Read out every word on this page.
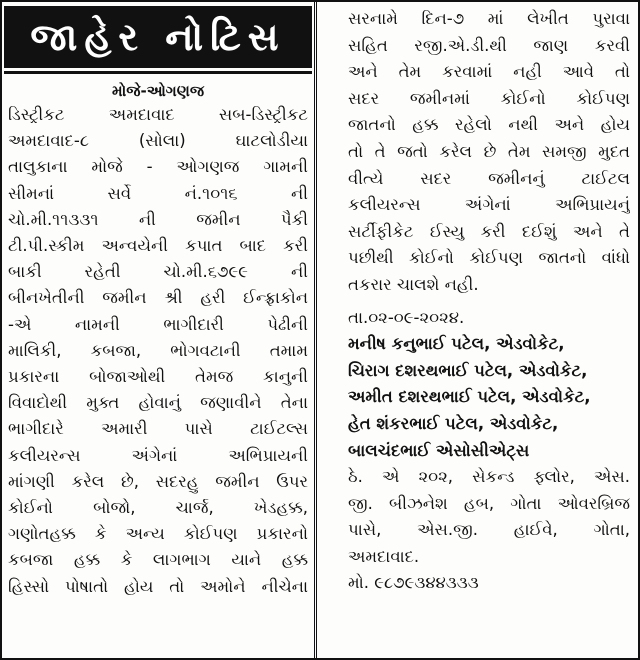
જાહેર નોટિસ
મોજે-ઓગણજ
ડિસ્ટ્રીકટ અમદાવાદ સબ-ડિસ્ટ્રીકટ
અમદાવાદ-૮ (સોલા) ઘાટલોડીયા
તાલુકાના મોજે - ઓગણજ ગામની
સીમનાં સર્વે નં.૧૦૧૬ ની
ચો.મી.૧૧૩૩૧ ની જમીન પૈકી
ટી.પી.સ્કીમ અન્વયેની કપાત બાદ કરી
બાકી રહેતી ચો.મી.૬૭૯૯ ની
બીનખેતીની જમીન શ્રી હરી ઈન્ફ્રાકોન
-એ નામની ભાગીદારી પેઢીની
માલિકી, કબજા, ભોગવટાની તમામ
પ્રકારના બોજાઓથી તેમજ કાનુની
વિવાદોથી મુક્ત હોવાનું જણાવીને તેના
ભાગીદારે અમારી પાસે ટાઈટલ્સ
કલીયરન્સ અંગેનાં અભિપ્રાયની
માંગણી કરેલ છે, સદરહુ જમીન ઉપર
કોઈનો બોજો, ચાર્જ, ખેડહક્ક,
ગણોતહક્ક કે અન્ય કોઈપણ પ્રકારનો
કબજા હક્ક કે લાગભાગ યાને હક્ક
હિસ્સો પોષાતો હોય તો અમોને નીચેના
સરનામે દિન-૭ માં લેખીત પુરાવા
સહિત રજી.એ.ડી.થી જાણ કરવી
અને તેમ કરવામાં નહી આવે તો
સદર જમીનમાં કોઈનો કોઈપણ
જાતનો હક્ક રહેલો નથી અને હોય
તો તે જતો કરેલ છે તેમ સમજી મુદત
વીત્યે સદર જમીનનું ટાઈટલ
કલીયરન્સ અંગેનાં અભિપ્રાયનું
સર્ટીફીકેટ ઈસ્યુ કરી દઈશું અને તે
પછીથી કોઈનો કોઈપણ જાતનો વાંધો
તકરાર ચાલશે નહી.
તા.૦૨-૦૯-૨૦૨૪.
મનીષ કનુભાઈ પટેલ, એડવોકેટ,
ચિરાગ દશરથભાઈ પટેલ, એડવોકેટ,
અમીત દશરથભાઈ પટેલ, એડવોકેટ,
હેત શંકરભાઈ પટેલ, એડવોકેટ,
બાલચંદભાઈ એસોસીએટ્સ
ઠે. એ ૨૦૨, સેકન્ડ ફ્લોર, એસ.
જી. બીઝનેશ હબ, ગોતા ઓવરબ્રિજ
પાસે, એસ.જી. હાઈવે, ગોતા,
અમદાવાદ.
મો. ૯૮૭૯૩૪૪૩૩૩
